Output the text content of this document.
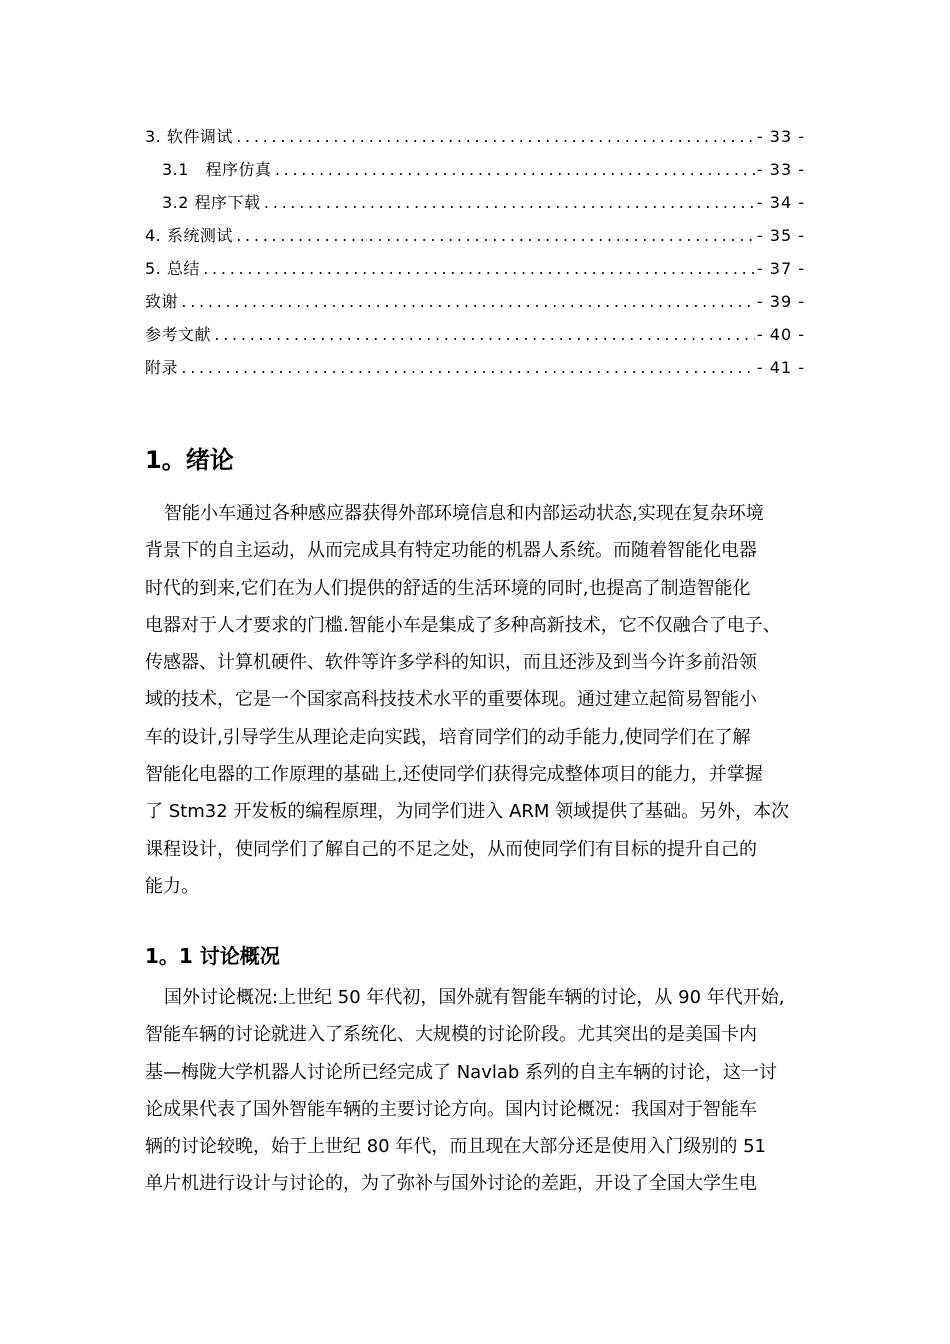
3. 软件调试 .....	- 33 -
3.1　程序仿真 .....	- 33 -
3.2 程序下载 .....	- 34 -
4. 系统测试 .....	- 35 -
5. 总结 .....	- 37 -
致谢 .....	- 39 -
参考文献 .....	- 40 -
附录 .....	- 41 -
1。绪论
智能小车通过各种感应器获得外部环境信息和内部运动状态,实现在复杂环境
背景下的自主运动，从而完成具有特定功能的机器人系统。而随着智能化电器
时代的到来,它们在为人们提供的舒适的生活环境的同时,也提高了制造智能化
电器对于人才要求的门槛.智能小车是集成了多种高新技术，它不仅融合了电子、
传感器、计算机硬件、软件等许多学科的知识，而且还涉及到当今许多前沿领
域的技术，它是一个国家高科技技术水平的重要体现。通过建立起简易智能小
车的设计,引导学生从理论走向实践，培育同学们的动手能力,使同学们在了解
智能化电器的工作原理的基础上,还使同学们获得完成整体项目的能力，并掌握
了 Stm32 开发板的编程原理，为同学们进入 ARM 领域提供了基础。另外，本次
课程设计，使同学们了解自己的不足之处，从而使同学们有目标的提升自己的
能力。
1。1 讨论概况
国外讨论概况:上世纪 50 年代初，国外就有智能车辆的讨论，从 90 年代开始,
智能车辆的讨论就进入了系统化、大规模的讨论阶段。尤其突出的是美国卡内
基—梅陇大学机器人讨论所已经完成了 Navlab 系列的自主车辆的讨论，这一讨
论成果代表了国外智能车辆的主要讨论方向。国内讨论概况：我国对于智能车
辆的讨论较晚，始于上世纪 80 年代，而且现在大部分还是使用入门级别的 51
单片机进行设计与讨论的，为了弥补与国外讨论的差距，开设了全国大学生电
